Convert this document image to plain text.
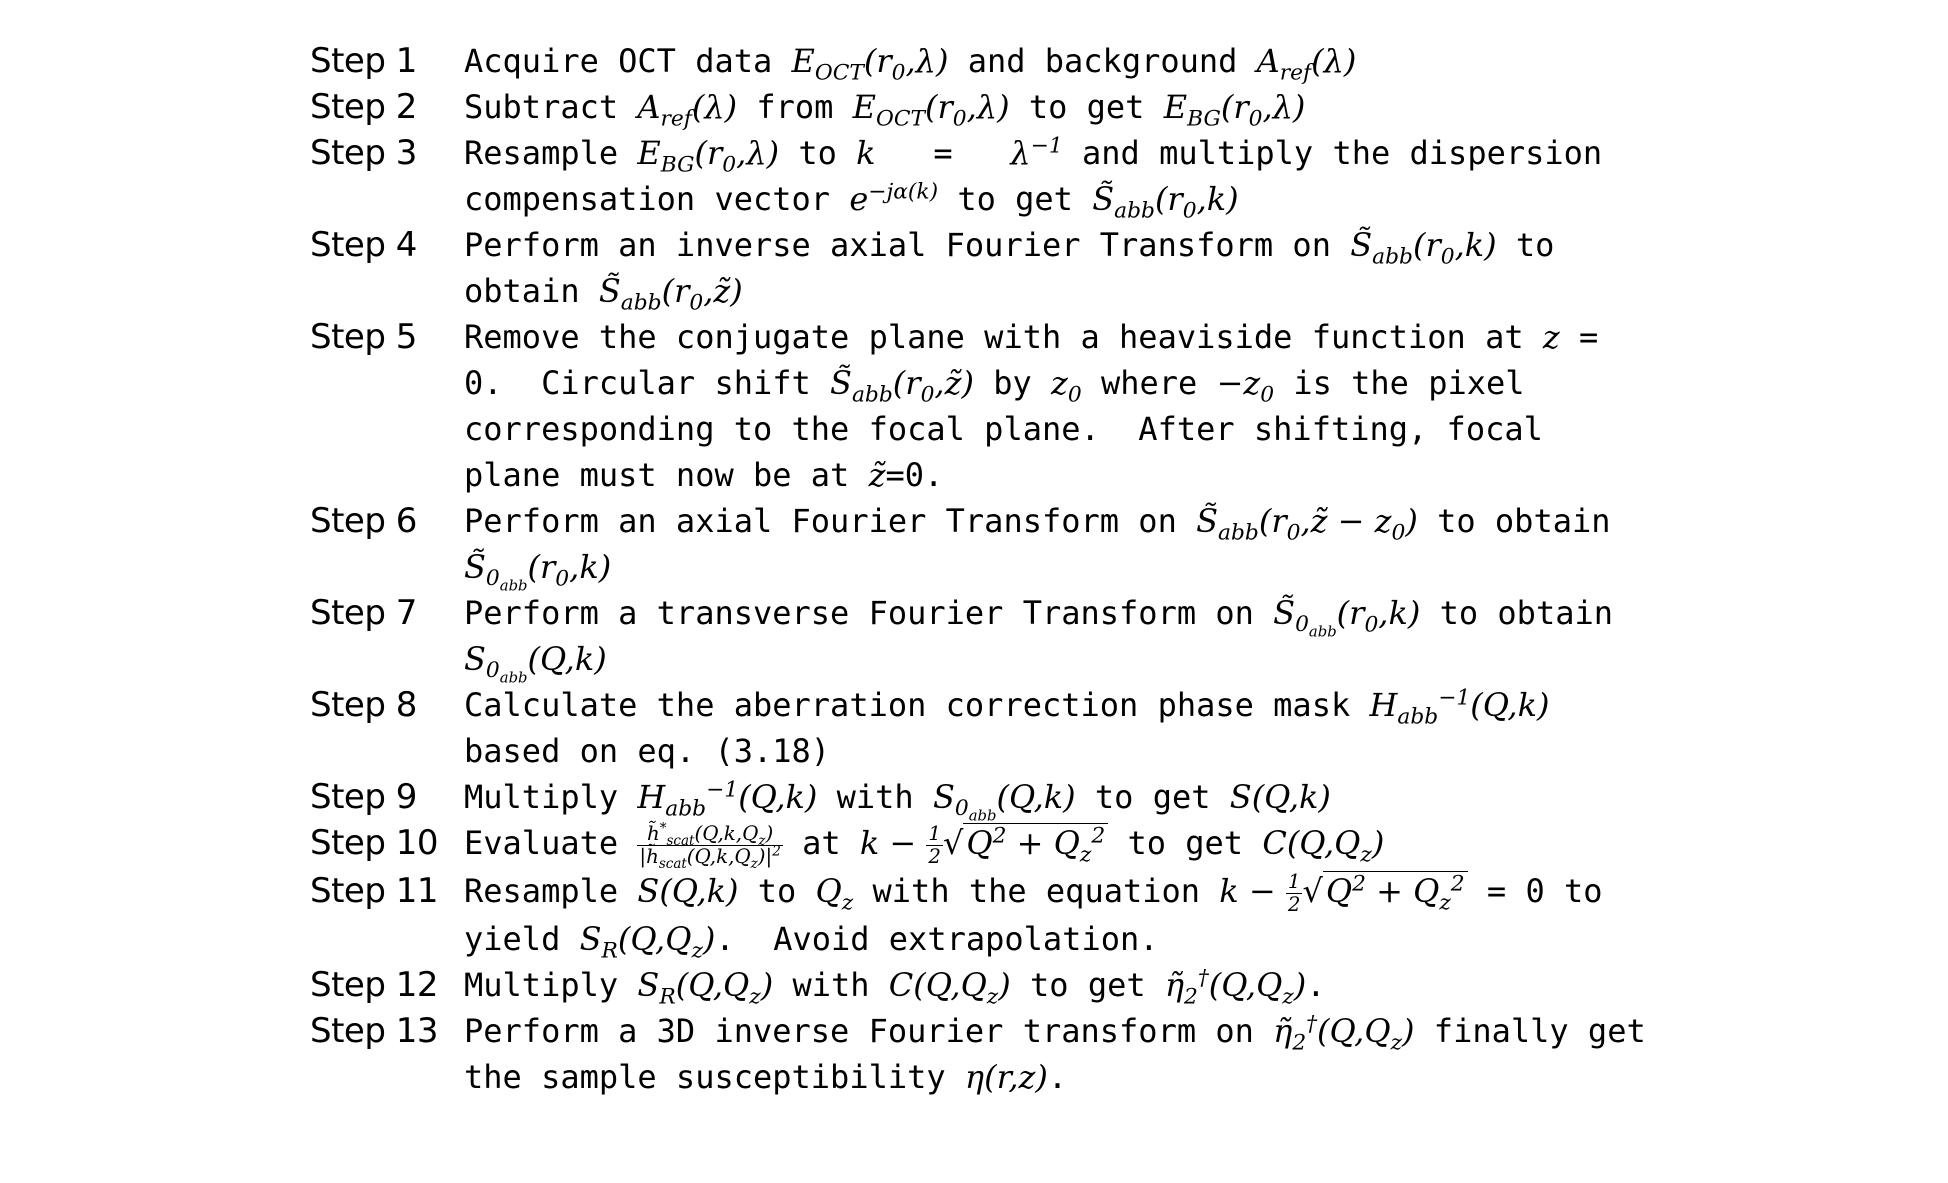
Step 1	Acquire OCT data $E_{OCT}(r_0,\lambda)$ and background $A_{ref}(\lambda)$
Step 2	Subtract $A_{ref}(\lambda)$ from $E_{OCT}(r_0,\lambda)$ to get $E_{BG}(r_0,\lambda)$
Step 3	Resample $E_{BG}(r_0,\lambda)$ to $k = \lambda^{-1}$ and multiply the dispersion compensation vector $e^{-j\alpha(k)}$ to get $S̃_{abb}(r_0,k)$
Step 4	Perform an inverse axial Fourier Transform on $S̃_{abb}(r_0,k)$ to obtain $S̃_{abb}(r_0,z̃)$
Step 5	Remove the conjugate plane with a heaviside function at z = 0.  Circular shift $S̃_{abb}(r_0,z̃)$ by $z_0$ where $-z_0$ is the pixel corresponding to the focal plane.  After shifting, focal plane must now be at z̃=0.
Step 6	Perform an axial Fourier Transform on $S̃_{abb}(r_0,z̃ - z_0)$ to obtain $S̃_{0_{abb}}(r_0,k)$
Step 7	Perform a transverse Fourier Transform on $S̃_{0_{abb}}(r_0,k)$ to obtain $S_{0_{abb}}(Q,k)$
Step 8	Calculate the aberration correction phase mask $H_{abb}^{-1}(Q,k)$ based on eq. (3.18)
Step 9	Multiply $H_{abb}^{-1}(Q,k)$ with $S_{0_{abb}}(Q,k)$ to get S(Q,k)
Step 10 Evaluate $\frac{h̃^*_{scat}(Q,k,Q_z)}{|h̃_{scat}(Q,k,Q_z)|^2}$ at $k - \frac{1}{2} √Q^2 + Q_z^2$ to get $C(Q,Q_z)$
Step 11 Resample S(Q,k) to $Q_z$ with the equation $k - \frac{1}{2} √Q^2 + Q_z^2 = 0$ to yield $S_R(Q,Q_z)$.  Avoid extrapolation.
Step 12 Multiply $S_R(Q,Q_z)$ with $C(Q,Q_z)$ to get $\etã_2^\dagger(Q,Q_z)$.
Step 13 Perform a 3D inverse Fourier transform on $\etã_2^\dagger(Q,Q_z)$ finally get the sample susceptibility η(r,z).
